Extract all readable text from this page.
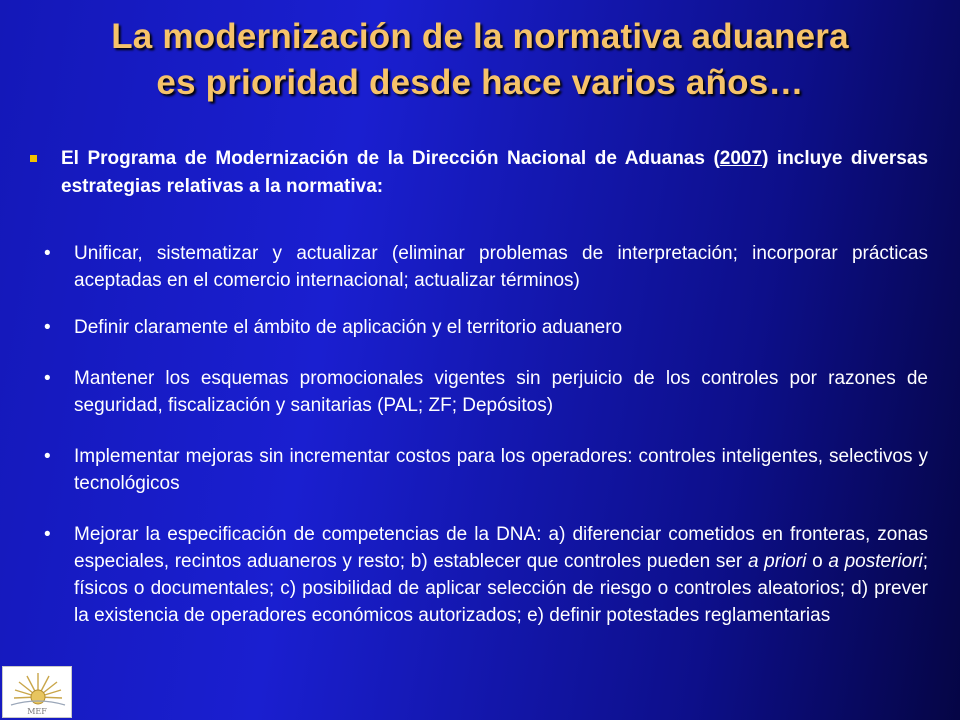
La modernización de la normativa aduanera
es prioridad desde hace varios años…
El Programa de Modernización de la Dirección Nacional de Aduanas (2007) incluye diversas estrategias relativas a la normativa:
• Unificar, sistematizar y actualizar (eliminar problemas de interpretación; incorporar prácticas aceptadas en el comercio internacional; actualizar términos)
• Definir claramente el ámbito de aplicación y el territorio aduanero
• Mantener los esquemas promocionales vigentes sin perjuicio de los controles por razones de seguridad, fiscalización y sanitarias (PAL; ZF; Depósitos)
• Implementar mejoras sin incrementar costos para los operadores: controles inteligentes, selectivos y tecnológicos
• Mejorar la especificación de competencias de la DNA: a) diferenciar cometidos en fronteras, zonas especiales, recintos aduaneros y resto; b) establecer que controles pueden ser a priori o a posteriori; físicos o documentales; c) posibilidad de aplicar selección de riesgo o controles aleatorios; d) prever la existencia de operadores económicos autorizados; e) definir potestades reglamentarias
MEF
